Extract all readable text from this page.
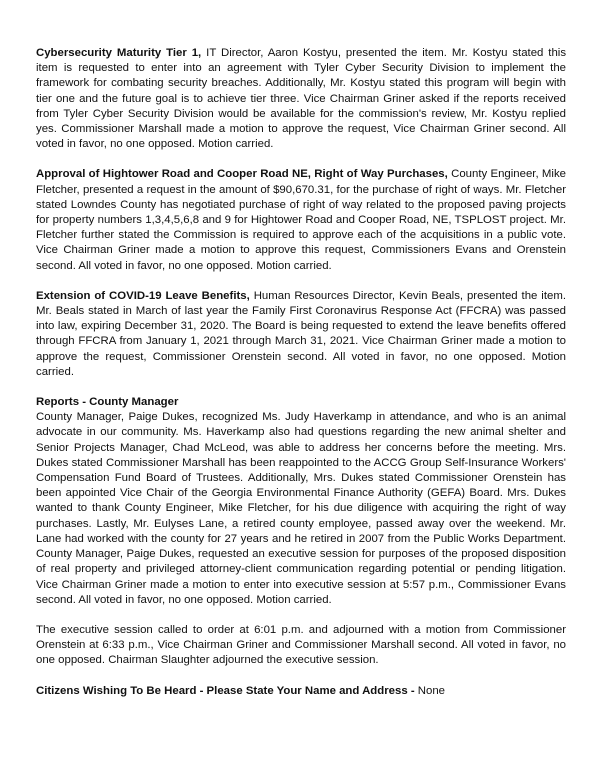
Cybersecurity Maturity Tier 1, IT Director, Aaron Kostyu, presented the item. Mr. Kostyu stated this item is requested to enter into an agreement with Tyler Cyber Security Division to implement the framework for combating security breaches. Additionally, Mr. Kostyu stated this program will begin with tier one and the future goal is to achieve tier three. Vice Chairman Griner asked if the reports received from Tyler Cyber Security Division would be available for the commission's review, Mr. Kostyu replied yes. Commissioner Marshall made a motion to approve the request, Vice Chairman Griner second. All voted in favor, no one opposed. Motion carried.

Approval of Hightower Road and Cooper Road NE, Right of Way Purchases, County Engineer, Mike Fletcher, presented a request in the amount of $90,670.31, for the purchase of right of ways. Mr. Fletcher stated Lowndes County has negotiated purchase of right of way related to the proposed paving projects for property numbers 1,3,4,5,6,8 and 9 for Hightower Road and Cooper Road, NE, TSPLOST project. Mr. Fletcher further stated the Commission is required to approve each of the acquisitions in a public vote. Vice Chairman Griner made a motion to approve this request, Commissioners Evans and Orenstein second. All voted in favor, no one opposed. Motion carried.

Extension of COVID-19 Leave Benefits, Human Resources Director, Kevin Beals, presented the item. Mr. Beals stated in March of last year the Family First Coronavirus Response Act (FFCRA) was passed into law, expiring December 31, 2020. The Board is being requested to extend the leave benefits offered through FFCRA from January 1, 2021 through March 31, 2021. Vice Chairman Griner made a motion to approve the request, Commissioner Orenstein second. All voted in favor, no one opposed. Motion carried.

Reports - County Manager
County Manager, Paige Dukes, recognized Ms. Judy Haverkamp in attendance, and who is an animal advocate in our community. Ms. Haverkamp also had questions regarding the new animal shelter and Senior Projects Manager, Chad McLeod, was able to address her concerns before the meeting. Mrs. Dukes stated Commissioner Marshall has been reappointed to the ACCG Group Self-Insurance Workers' Compensation Fund Board of Trustees. Additionally, Mrs. Dukes stated Commissioner Orenstein has been appointed Vice Chair of the Georgia Environmental Finance Authority (GEFA) Board. Mrs. Dukes wanted to thank County Engineer, Mike Fletcher, for his due diligence with acquiring the right of way purchases. Lastly, Mr. Eulyses Lane, a retired county employee, passed away over the weekend. Mr. Lane had worked with the county for 27 years and he retired in 2007 from the Public Works Department. County Manager, Paige Dukes, requested an executive session for purposes of the proposed disposition of real property and privileged attorney-client communication regarding potential or pending litigation. Vice Chairman Griner made a motion to enter into executive session at 5:57 p.m., Commissioner Evans second. All voted in favor, no one opposed. Motion carried.

The executive session called to order at 6:01 p.m. and adjourned with a motion from Commissioner Orenstein at 6:33 p.m., Vice Chairman Griner and Commissioner Marshall second. All voted in favor, no one opposed. Chairman Slaughter adjourned the executive session.

Citizens Wishing To Be Heard - Please State Your Name and Address - None
